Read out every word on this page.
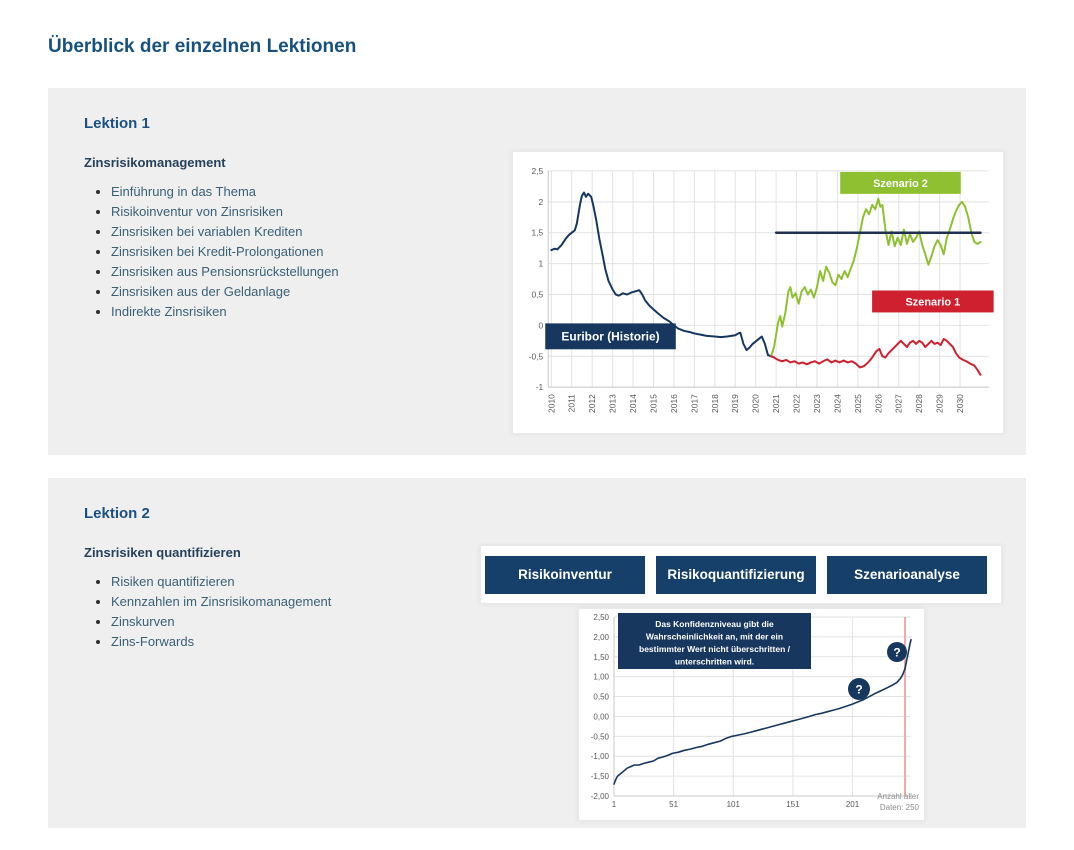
Überblick der einzelnen Lektionen
Lektion 1
Zinsrisikomanagement
• Einführung in das Thema
• Risikoinventur von Zinsrisiken
• Zinsrisiken bei variablen Krediten
• Zinsrisiken bei Kredit-Prolongationen
• Zinsrisiken aus Pensionsrückstellungen
• Zinsrisiken aus der Geldanlage
• Indirekte Zinsrisiken
2,5
2
1,5
1
0,5
0
-0,5
-1
2010 2011 2012 2013 2014 2015 2016 2017 2018 2019 2020 2021 2022 2023 2024 2025 2026 2027 2028 2029 2030
Szenario 2
Szenario 1
Euribor (Historie)
Lektion 2
Zinsrisiken quantifizieren
• Risiken quantifizieren
• Kennzahlen im Zinsrisikomanagement
• Zinskurven
• Zins-Forwards
Risikoinventur	Risikoquantifizierung	Szenarioanalyse
2,50
2,00
1,50
1,00
0,50
0,00
-0,50
-1,00
-1,50
-2,00
1	51	101	151	201
Das Konfidenzniveau gibt die
Wahrscheinlichkeit an, mit der ein
bestimmter Wert nicht überschritten /
unterschritten wird.
?
?
Anzahl aller
Daten: 250
